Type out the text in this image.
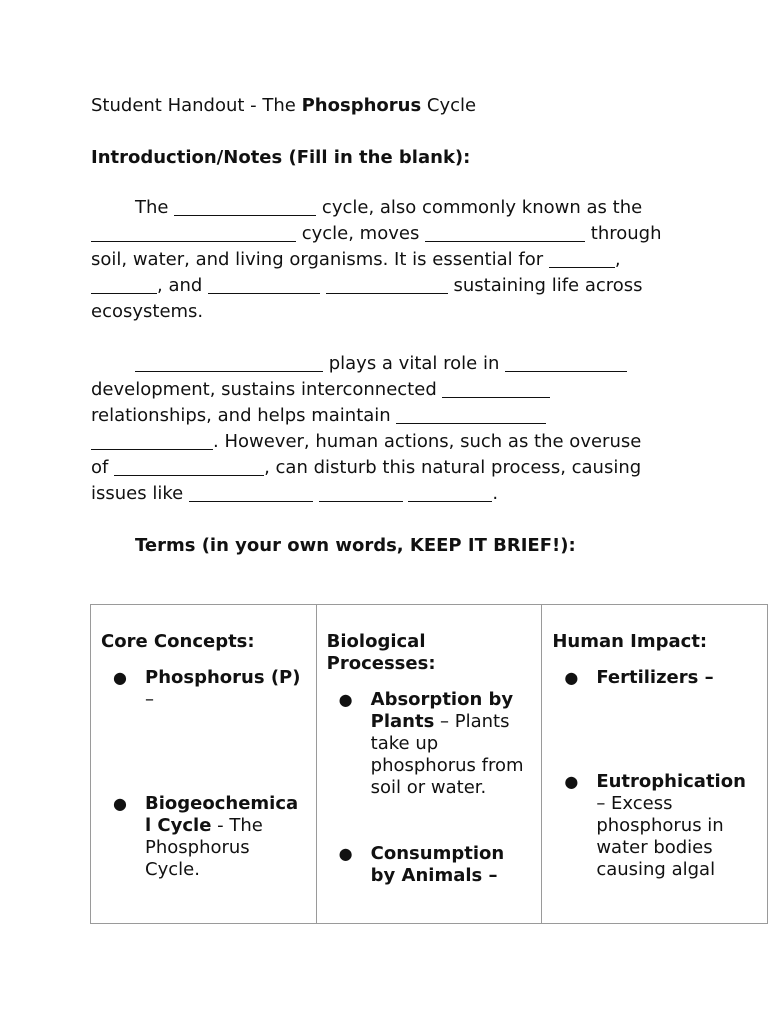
Student Handout - The Phosphorus Cycle
Introduction/Notes (Fill in the blank):
The	cycle, also commonly known as the
cycle, moves	through
soil, water, and living organisms. It is essential for	,
, and	sustaining life across
ecosystems.
plays a vital role in
development, sustains interconnected
relationships, and helps maintain
. However, human actions, such as the overuse
of	, can disturb this natural process, causing
issues like	.
Terms (in your own words, KEEP IT BRIEF!):
Core Concepts:
● Phosphorus (P) –
● Biogeochemica l Cycle - The Phosphorus Cycle.

Biological Processes:
● Absorption by Plants – Plants take up phosphorus from soil or water.
● Consumption by Animals –

Human Impact:
● Fertilizers –
● Eutrophication – Excess phosphorus in water bodies causing algal
